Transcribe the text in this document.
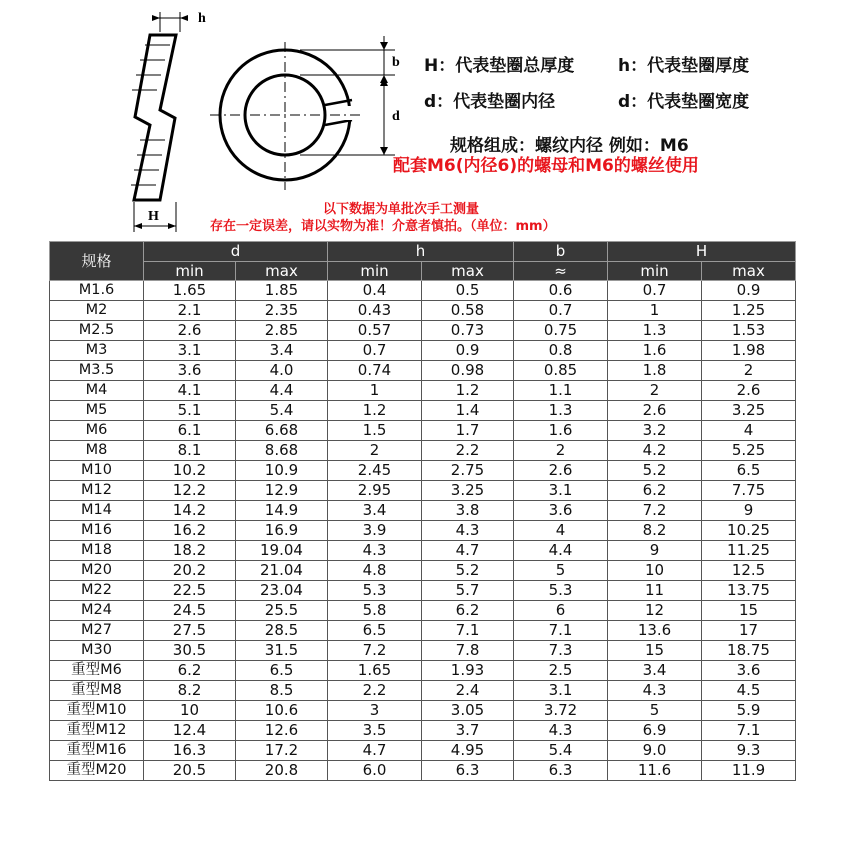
h
H
b
d
H：代表垫圈总厚度	h：代表垫圈厚度
d：代表垫圈内径	d：代表垫圈宽度
规格组成：螺纹内径 例如：M6
配套M6(内径6)的螺母和M6的螺丝使用
以下数据为单批次手工测量
存在一定误差，请以实物为准！介意者慎拍。（单位：mm）
规格	d		h		b	H	
	min	max	min	max	≈	min	max
M1.6	1.65	1.85	0.4	0.5	0.6	0.7	0.9
M2	2.1	2.35	0.43	0.58	0.7	1	1.25
M2.5	2.6	2.85	0.57	0.73	0.75	1.3	1.53
M3	3.1	3.4	0.7	0.9	0.8	1.6	1.98
M3.5	3.6	4.0	0.74	0.98	0.85	1.8	2
M4	4.1	4.4	1	1.2	1.1	2	2.6
M5	5.1	5.4	1.2	1.4	1.3	2.6	3.25
M6	6.1	6.68	1.5	1.7	1.6	3.2	4
M8	8.1	8.68	2	2.2	2	4.2	5.25
M10	10.2	10.9	2.45	2.75	2.6	5.2	6.5
M12	12.2	12.9	2.95	3.25	3.1	6.2	7.75
M14	14.2	14.9	3.4	3.8	3.6	7.2	9
M16	16.2	16.9	3.9	4.3	4	8.2	10.25
M18	18.2	19.04	4.3	4.7	4.4	9	11.25
M20	20.2	21.04	4.8	5.2	5	10	12.5
M22	22.5	23.04	5.3	5.7	5.3	11	13.75
M24	24.5	25.5	5.8	6.2	6	12	15
M27	27.5	28.5	6.5	7.1	7.1	13.6	17
M30	30.5	31.5	7.2	7.8	7.3	15	18.75
重型M6	6.2	6.5	1.65	1.93	2.5	3.4	3.6
重型M8	8.2	8.5	2.2	2.4	3.1	4.3	4.5
重型M10	10	10.6	3	3.05	3.72	5	5.9
重型M12	12.4	12.6	3.5	3.7	4.3	6.9	7.1
重型M16	16.3	17.2	4.7	4.95	5.4	9.0	9.3
重型M20	20.5	20.8	6.0	6.3	6.3	11.6	11.9
